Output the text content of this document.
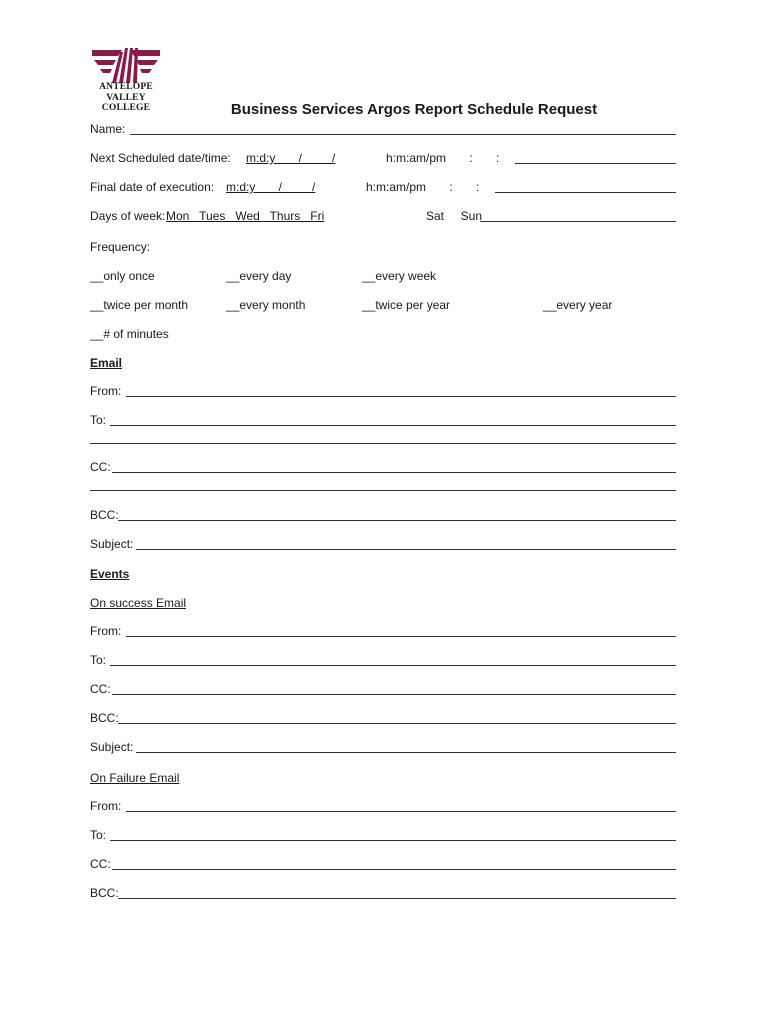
ANTELOPE
VALLEY
COLLEGE	Business Services Argos Report Schedule Request
Name:
Next Scheduled date/time: m:d:y       /         /	h:m:am/pm       :       :
Final date of execution: m:d:y       /         /	h:m:am/pm       :       :
Days of week: Mon   Tues   Wed   Thurs   Fri	Sat     Sun
Frequency:
__only once	__every day	__every week
__twice per month	__every month	__twice per year	__every year
__# of minutes
Email
From:
To:
CC:
BCC:
Subject:
Events
On success Email
From:
To:
CC:
BCC:
Subject:
On Failure Email
From:
To:
CC:
BCC:
